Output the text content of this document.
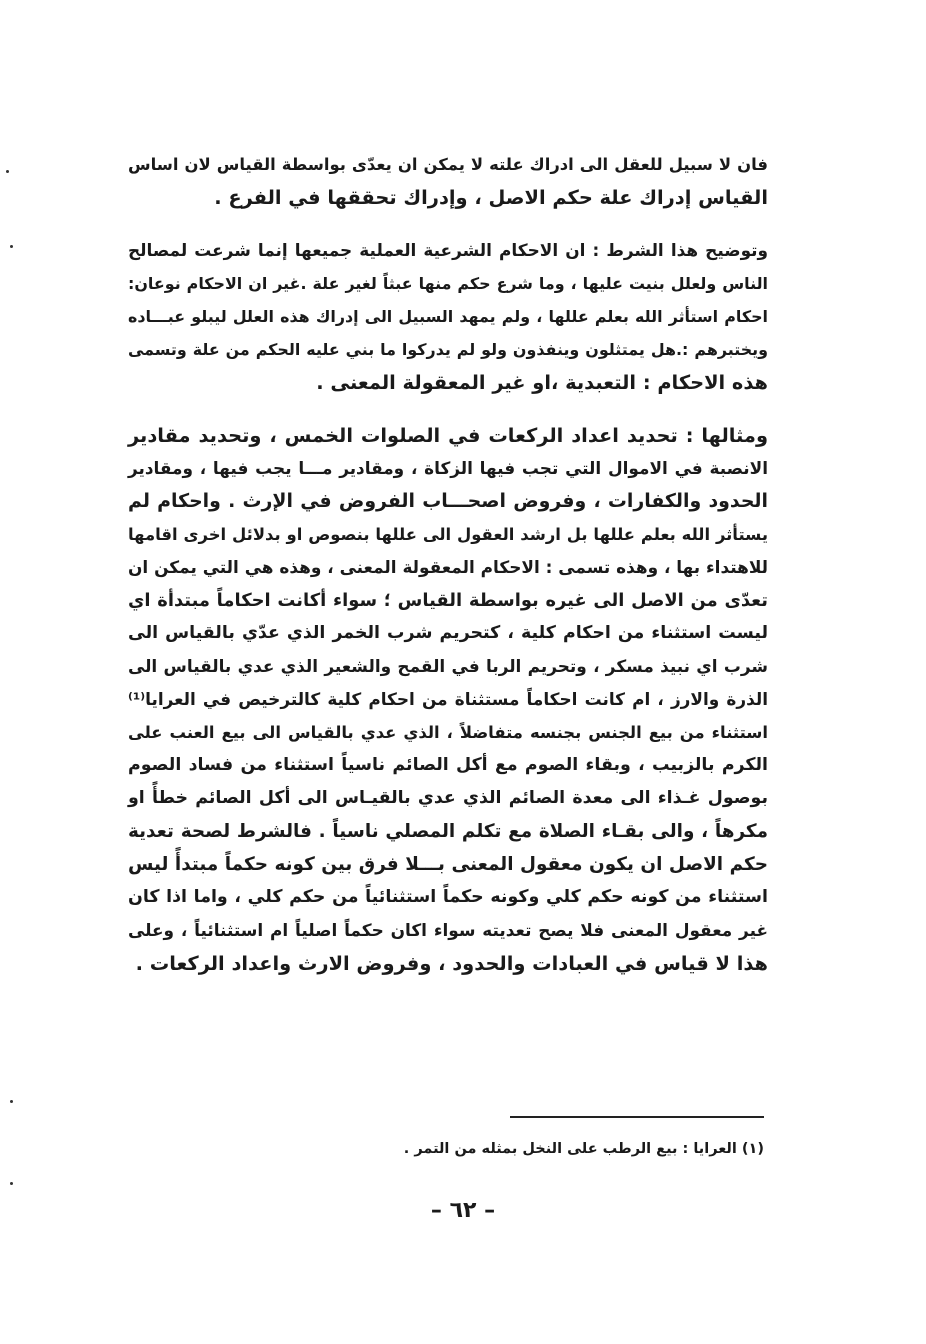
فان لا سبيل للعقل الى ادراك علته لا يمكن ان يعدّى بواسطة القياس لان اساس
القياس إدراك علة حكم الاصل ، وإدراك تحققها في الفرع .

وتوضيح هذا الشرط : ان الاحكام الشرعية العملية جميعها إنما شرعت لمصالح
الناس ولعلل بنيت عليها ، وما شرع حكم منها عبثاً لغير علة .غير ان الاحكام نوعان:
احكام استأثر الله بعلم عللها ، ولم يمهد السبيل الى إدراك هذه العلل ليبلو عبـــاده
ويختبرهم :.هل يمتثلون وينفذون ولو لم يدركوا ما بني عليه الحكم من علة وتسمى
هذه الاحكام : التعبدية ،او غير المعقولة المعنى .

ومثالها : تحديد اعداد الركعات في الصلوات الخمس ، وتحديد مقادير
الانصبة في الاموال التي تجب فيها الزكاة ، ومقادير مـــا يجب فيها ، ومقادير
الحدود والكفارات ، وفروض اصحـــاب الفروض في الإرث . واحكام لم
يستأثر الله بعلم عللها بل ارشد العقول الى عللها بنصوص او بدلائل اخرى اقامها
للاهتداء بها ، وهذه تسمى : الاحكام المعقولة المعنى ، وهذه هي التي يمكن ان
تعدّى من الاصل الى غيره بواسطة القياس ؛ سواء أكانت احكاماً مبتدأة اي
ليست استثناء من احكام كلية ، كتحريم شرب الخمر الذي عدّي بالقياس الى
شرب اي نبيذ مسكر ، وتحريم الربا في القمح والشعير الذي عدي بالقياس الى
الذرة والارز ، ام كانت احكاماً مستثناة من احكام كلية كالترخيص في العرايا⁽¹⁾
استثناء من بيع الجنس بجنسه متفاضلاً ، الذي عدي بالقياس الى بيع العنب على
الكرم بالزبيب ، وبقاء الصوم مع أكل الصائم ناسياً استثناء من فساد الصوم
بوصول غـذاء الى معدة الصائم الذي عدي بالقيـاس الى أكل الصائم خطأً او
مكرهاً ، والى بقـاء الصلاة مع تكلم المصلي ناسياً . فالشرط لصحة تعدية
حكم الاصل ان يكون معقول المعنى بـــلا فرق بين كونه حكماً مبتدأً ليس
استثناء من كونه حكم كلي وكونه حكماً استثنائياً من حكم كلي ، واما اذا كان
غير معقول المعنى فلا يصح تعديته سواء اكان حكماً اصلياً ام استثنائياً ، وعلى
هذا لا قياس في العبادات والحدود ، وفروض الارث واعداد الركعات .

(١) العرايا : بيع الرطب على النخل بمثله من التمر .
– ٦٢ –
